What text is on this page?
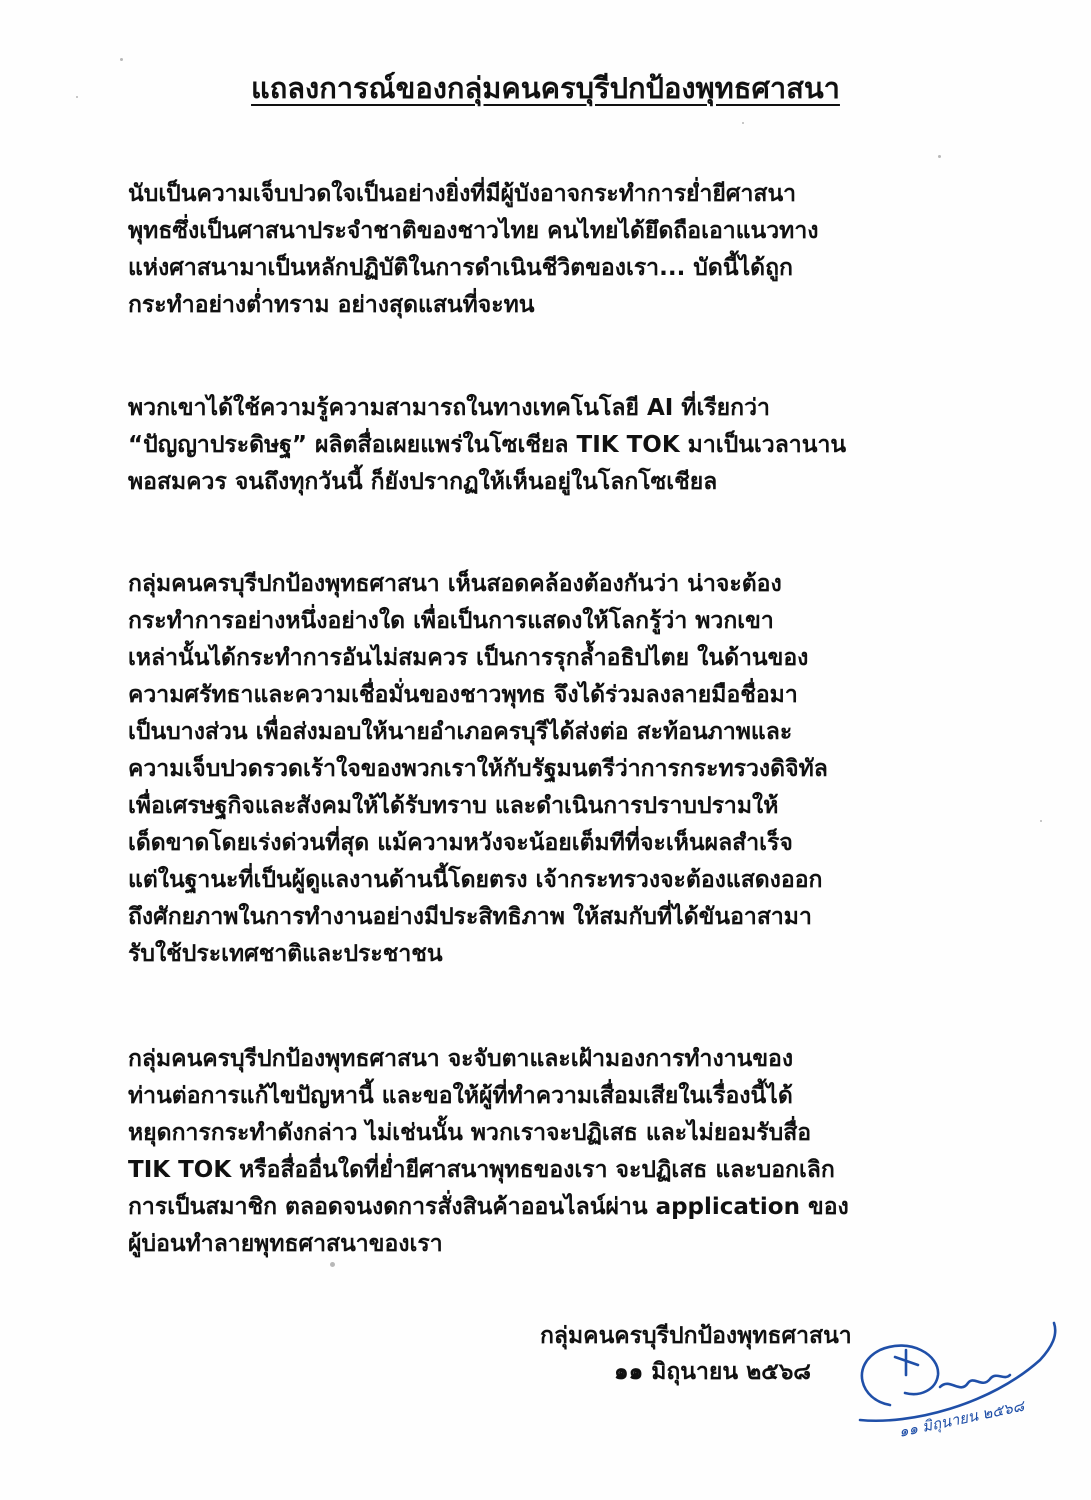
แถลงการณ์ของกลุ่มคนครบุรีปกป้องพุทธศาสนา
นับเป็นความเจ็บปวดใจเป็นอย่างยิ่งที่มีผู้บังอาจกระทำการย่ำยีศาสนา
พุทธซึ่งเป็นศาสนาประจำชาติของชาวไทย คนไทยได้ยึดถือเอาแนวทาง
แห่งศาสนามาเป็นหลักปฏิบัติในการดำเนินชีวิตของเรา... บัดนี้ได้ถูก
กระทำอย่างต่ำทราม อย่างสุดแสนที่จะทน
พวกเขาได้ใช้ความรู้ความสามารถในทางเทคโนโลยี AI ที่เรียกว่า
“ปัญญาประดิษฐ” ผลิตสื่อเผยแพร่ในโซเชียล TIK TOK มาเป็นเวลานาน
พอสมควร จนถึงทุกวันนี้ ก็ยังปรากฏให้เห็นอยู่ในโลกโซเชียล
กลุ่มคนครบุรีปกป้องพุทธศาสนา เห็นสอดคล้องต้องกันว่า น่าจะต้อง
กระทำการอย่างหนึ่งอย่างใด เพื่อเป็นการแสดงให้โลกรู้ว่า พวกเขา
เหล่านั้นได้กระทำการอันไม่สมควร เป็นการรุกล้ำอธิปไตย ในด้านของ
ความศรัทธาและความเชื่อมั่นของชาวพุทธ จึงได้ร่วมลงลายมือชื่อมา
เป็นบางส่วน เพื่อส่งมอบให้นายอำเภอครบุรีได้ส่งต่อ สะท้อนภาพและ
ความเจ็บปวดรวดเร้าใจของพวกเราให้กับรัฐมนตรีว่าการกระทรวงดิจิทัล
เพื่อเศรษฐกิจและสังคมให้ได้รับทราบ และดำเนินการปราบปรามให้
เด็ดขาดโดยเร่งด่วนที่สุด แม้ความหวังจะน้อยเต็มทีที่จะเห็นผลสำเร็จ
แต่ในฐานะที่เป็นผู้ดูแลงานด้านนี้โดยตรง เจ้ากระทรวงจะต้องแสดงออก
ถึงศักยภาพในการทำงานอย่างมีประสิทธิภาพ ให้สมกับที่ได้ขันอาสามา
รับใช้ประเทศชาติและประชาชน
กลุ่มคนครบุรีปกป้องพุทธศาสนา จะจับตาและเฝ้ามองการทำงานของ
ท่านต่อการแก้ไขปัญหานี้ และขอให้ผู้ที่ทำความเสื่อมเสียในเรื่องนี้ได้
หยุดการกระทำดังกล่าว ไม่เช่นนั้น พวกเราจะปฏิเสธ และไม่ยอมรับสื่อ
TIK TOK หรือสื่ออื่นใดที่ย่ำยีศาสนาพุทธของเรา จะปฏิเสธ และบอกเลิก
การเป็นสมาชิก ตลอดจนงดการสั่งสินค้าออนไลน์ผ่าน application ของ
ผู้บ่อนทำลายพุทธศาสนาของเรา
กลุ่มคนครบุรีปกป้องพุทธศาสนา
๑๑ มิถุนายน ๒๕๖๘
๑๑ มิถุนายน ๒๕๖๘
